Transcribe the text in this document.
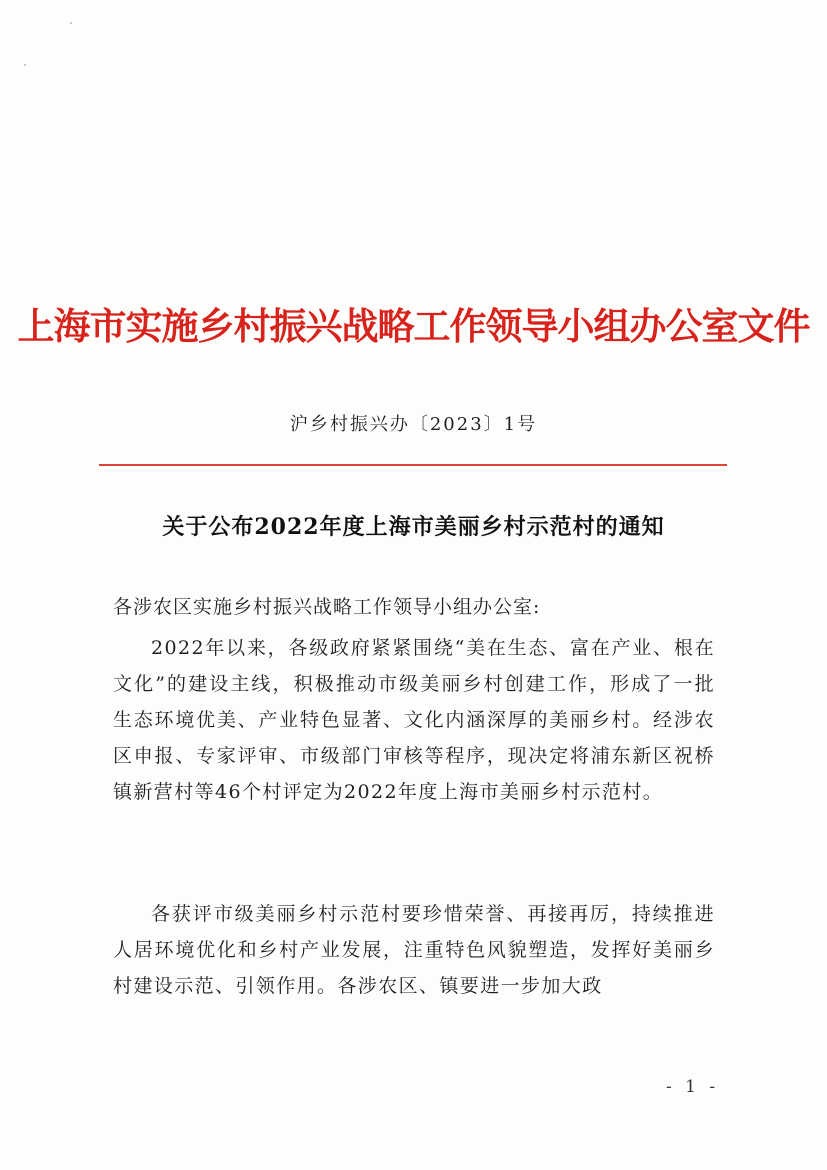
上海市实施乡村振兴战略工作领导小组办公室文件
沪乡村振兴办〔2023〕1号
关于公布2022年度上海市美丽乡村示范村的通知
各涉农区实施乡村振兴战略工作领导小组办公室:

2022年以来，各级政府紧紧围绕“美在生态、富在产业、根在文化”的建设主线，积极推动市级美丽乡村创建工作，形成了一批生态环境优美、产业特色显著、文化内涵深厚的美丽乡村。经涉农区申报、专家评审、市级部门审核等程序，现决定将浦东新区祝桥镇新营村等46个村评定为2022年度上海市美丽乡村示范村。

各获评市级美丽乡村示范村要珍惜荣誉、再接再厉，持续推进人居环境优化和乡村产业发展，注重特色风貌塑造，发挥好美丽乡村建设示范、引领作用。各涉农区、镇要进一步加大政

- 1 -
